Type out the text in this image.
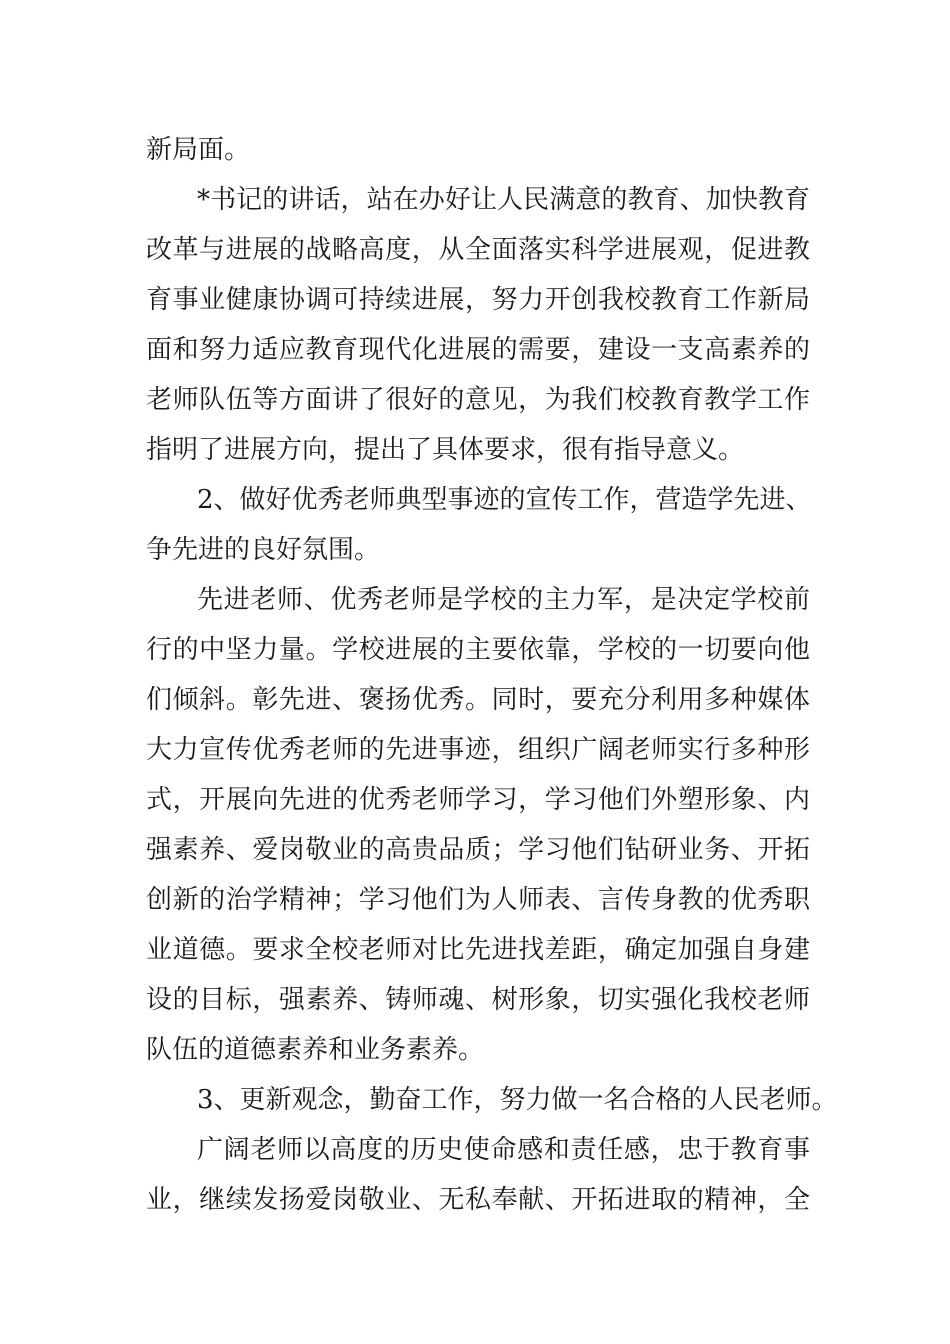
新局面。

*书记的讲话，站在办好让人民满意的教育、加快教育

改革与进展的战略高度，从全面落实科学进展观，促进教

育事业健康协调可持续进展，努力开创我校教育工作新局

面和努力适应教育现代化进展的需要，建设一支高素养的

老师队伍等方面讲了很好的意见，为我们校教育教学工作

指明了进展方向，提出了具体要求，很有指导意义。

2、做好优秀老师典型事迹的宣传工作，营造学先进、

争先进的良好氛围。

先进老师、优秀老师是学校的主力军，是决定学校前

行的中坚力量。学校进展的主要依靠，学校的一切要向他

们倾斜。彰先进、褒扬优秀。同时，要充分利用多种媒体

大力宣传优秀老师的先进事迹，组织广阔老师实行多种形

式，开展向先进的优秀老师学习，学习他们外塑形象、内

强素养、爱岗敬业的高贵品质；学习他们钻研业务、开拓

创新的治学精神；学习他们为人师表、言传身教的优秀职

业道德。要求全校老师对比先进找差距，确定加强自身建

设的目标，强素养、铸师魂、树形象，切实强化我校老师

队伍的道德素养和业务素养。

3、更新观念，勤奋工作，努力做一名合格的人民老师。

广阔老师以高度的历史使命感和责任感，忠于教育事

业，继续发扬爱岗敬业、无私奉献、开拓进取的精神，全
